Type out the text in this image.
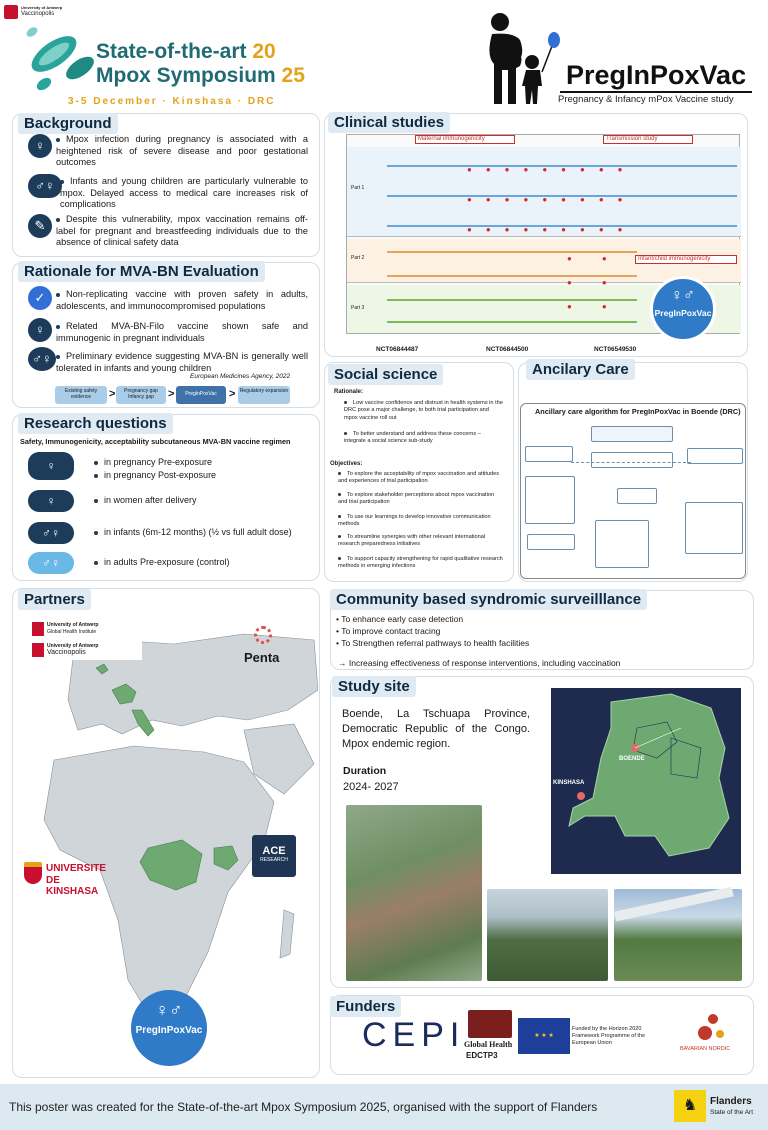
University of Antwerp
Vaccinopolis
State-of-the-art 20
Mpox Symposium 25
3-5 December · Kinshasa · DRC
PregInPoxVac
Pregnancy & Infancy mPox Vaccine study
Background
♀	Mpox infection during pregnancy is associated with a heightened risk of severe disease and poor gestational outcomes
♂♀	Infants and young children are particularly vulnerable to mpox. Delayed access to medical care increases risk of complications
✎	Despite this vulnerability, mpox vaccination remains off-label for pregnant and breastfeeding individuals due to the absence of clinical safety data
Rationale for MVA-BN Evaluation
✓	Non-replicating vaccine with proven safety in adults, adolescents, and immunocompromised populations
♀	Related MVA-BN-Filo vaccine shown safe and immunogenic in pregnant individuals
♂♀	Preliminary evidence suggesting MVA-BN is generally well tolerated in infants and young children
European Medicines Agency, 2022
Existing safety evidence	>	Pregnancy gap Infancy gap	>	PregInPoxVac	> Regulatory expansion
Research questions
Safety, Immunogenicity, acceptability subcutaneous MVA-BN vaccine regimen
♀	in pregnancy Pre-exposure
in pregnancy Post-exposure
♀	in women after delivery
♂♀	in infants (6m-12 months) (½ vs full adult dose)
♂♀	in adults Pre-exposure (control)
Partners
University of Antwerp
Global Health Institute
University of Antwerp
Vaccinopolis	Penta
ACE
RESEARCH
UNIVERSITE
DE KINSHASA
♀♂
PregInPoxVac
Clinical studies
Maternal immunogenicity	Transmission study
Part 1
Part 2
Part 3
Infant/child immunogenicity
●●●●●●●●● ●●●●●●●●● ●●●●●●●●●
●● ●● ●●
♀♂
PregInPoxVac
NCT06844487	NCT06844500	NCT06549530
Social science
Rationale:
Low vaccine confidence and distrust in health systems in the DRC pose a major challenge, to both trial participation and mpox vaccine roll out
To better understand and address these concerns – integrate a social science sub-study
Objectives:
To explore the acceptability of mpox vaccination and attitudes and experiences of trial participation
To explore stakeholder perceptions about mpox vaccination and trial participation
To use our learnings to develop innovative communication methods
To streamline synergies with other relevant international research preparedness initiatives
To support capacity strengthening for rapid qualitative research methods in emerging infections
Ancilary Care
Ancillary care algorithm for PregInPoxVac in Boende (DRC)
Community based syndromic surveilllance
• To enhance early case detection
• To improve contact tracing
• To Strengthen referral pathways to health facilities
→ Increasing effectiveness of response interventions, including vaccination
Study site
Boende, La Tschuapa Province, Democratic Republic of the Congo. Mpox endemic region.
Duration
2024- 2027
BOENDE
KINSHASA
Funders
CEPI
Global Health
EDCTP3
★ ★ ★
Funded by the Horizon 2020 Framework Programme of the European Union
BAVARIAN NORDIC
This poster was created for the State-of-the-art Mpox Symposium 2025, organised with the support of Flanders	♞	Flanders
State of the Art
